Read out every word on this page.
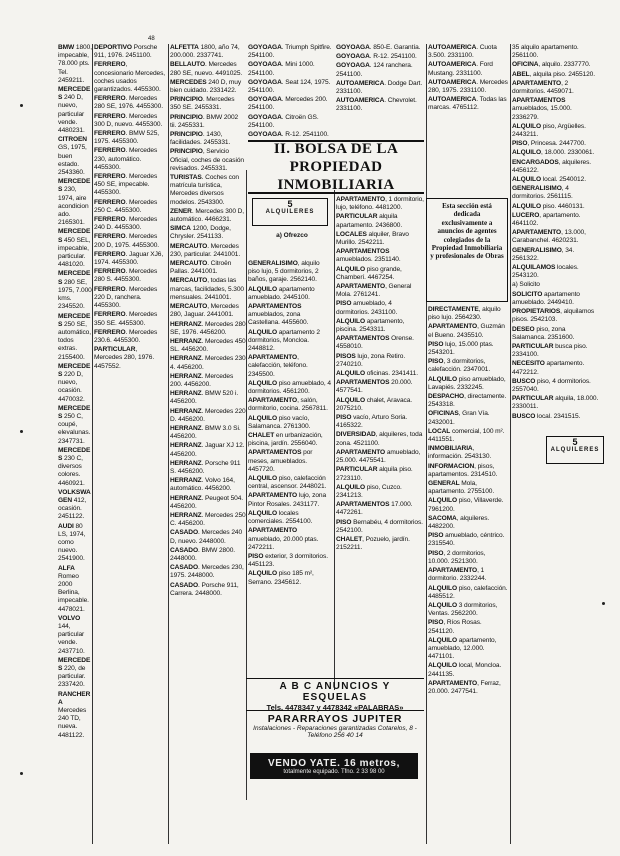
48

BMW 1800, impecable, 78.000 pts. Tel. 2459211.

MERCEDES 240 D, nuevo, particular vende. 4480231.

CITROEN GS, 1975, buen estado. 2543360.

MERCEDES 230, 1974, aire acondicionado. 2165301.

MERCEDES 450 SEL, impecable, particular. 4481020.

MERCEDES 280 SE, 1975, 7.000 kms. 2345520.

MERCEDES 250 SE, automático, todos extras. 2155400.

MERCEDES 220 D, nuevo, ocasión. 4470032.

MERCEDES 250 C, coupé, elevalunas. 2347731.

MERCEDES 230 C, diversos colores. 4460921.

VOLKSWAGEN 412, ocasión. 2451122.

AUDI 80 LS, 1974, como nuevo. 2541900.

ALFA Romeo 2000 Berlina, impecable. 4478021.

VOLVO 144, particular vende. 2437710.

MERCEDES 220, de particular. 2337420.

RANCHERA Mercedes 240 TD, nueva. 4481122.

DEPORTIVO Porsche 911, 1976. 2451100.

FERRERO, concesionario Mercedes, coches usados garantizados. 4455300.

FERRERO. Mercedes 280 SE, 1976. 4455300.

FERRERO. Mercedes 300 D, nuevo. 4455300.

FERRERO. BMW 525, 1975. 4455300.

FERRERO. Mercedes 230, automático. 4455300.

FERRERO. Mercedes 450 SE, impecable. 4455300.

FERRERO. Mercedes 250 C. 4455300.

FERRERO. Mercedes 240 D. 4455300.

FERRERO. Mercedes 200 D, 1975. 4455300.

FERRERO. Jaguar XJ6, 1974. 4455300.

FERRERO. Mercedes 280 S. 4455300.

FERRERO. Mercedes 220 D, ranchera. 4455300.

FERRERO. Mercedes 350 SE. 4455300.

FERRERO. Mercedes 230.6. 4455300.

PARTICULAR, Mercedes 280, 1976. 4457552.

ALFETTA 1800, año 74, 200.000. 2337741.

BELLAUTO. Mercedes 280 SE, nuevo. 4491025.

MERCEDES 240 D, muy bien cuidado. 2331422.

PRINCIPIO. Mercedes 350 SE. 2455331.

PRINCIPIO. BMW 2002 tii. 2455331.

PRINCIPIO. 1430, facilidades. 2455331.

PRINCIPIO, Servicio Oficial, coches de ocasión revisados. 2455331.

TURISTAS. Coches con matrícula turística, Mercedes diversos modelos. 2543300.

ZENER. Mercedes 300 D, automático. 4466231.

SIMCA 1200, Dodge, Chrysler. 2541133.

MERCAUTO. Mercedes 230, particular. 2441001.

MERCAUTO. Citroën Pallas. 2441001.

MERCAUTO, todas las marcas, facilidades, 5.300 mensuales. 2441001.

MERCAUTO, Mercedes 280, Jaguar. 2441001.

HERRANZ. Mercedes 280 SE, 1976. 4456200.

HERRANZ. Mercedes 450 SL. 4456200.

HERRANZ. Mercedes 230 4. 4456200.

HERRANZ. Mercedes 200. 4456200.

HERRANZ. BMW 520 i. 4456200.

HERRANZ. Mercedes 220 D. 4456200.

HERRANZ. BMW 3.0 Si. 4456200.

HERRANZ. Jaguar XJ 12. 4456200.

HERRANZ. Porsche 911 S. 4456200.

HERRANZ. Volvo 164, automático. 4456200.

HERRANZ. Peugeot 504. 4456200.

HERRANZ. Mercedes 250 C. 4456200.

CASADO. Mercedes 240 D, nuevo. 2448000.

CASADO. BMW 2800. 2448000.

CASADO. Mercedes 230, 1975. 2448000.

CASADO. Porsche 911, Carrera. 2448000.

GOYOAGA. Triumph Spitfire. 2541100.

GOYOAGA. Mini 1000. 2541100.

GOYOAGA. Seat 124, 1975. 2541100.

GOYOAGA. Mercedes 200. 2541100.

GOYOAGA. Citroën GS. 2541100.

GOYOAGA. R-12. 2541100.

GOYOAGA. 850-E. Garantía.

GOYOAGA. R-12. 2541100.

GOYOAGA. 124 ranchera. 2541100.

AUTOAMERICA. Dodge Dart. 2331100.

AUTOAMERICA. Chevrolet. 2331100.

AUTOAMERICA. Cuota 3.500. 2331100.

AUTOAMERICA. Ford Mustang. 2331100.

AUTOAMERICA. Mercedes 280, 1975. 2331100.

AUTOAMERICA. Todas las marcas. 4765112.

GENERALISIMO, alquilo piso lujo, 5 dormitorios, 2 baños, garaje. 2562140.

ALQUILO apartamento amueblado. 2445100.

APARTAMENTOS amueblados, zona Castellana. 4455600.

ALQUILO apartamento 2 dormitorios, Moncloa. 2448812.

APARTAMENTO, calefacción, teléfono. 2345500.

ALQUILO piso amueblado, 4 dormitorios. 4561200.

APARTAMENTO, salón, dormitorio, cocina. 2567811.

ALQUILO piso vacío, Salamanca. 2761300.

CHALET en urbanización, piscina, jardín. 2556040.

APARTAMENTOS por meses, amueblados. 4457720.

ALQUILO piso, calefacción central, ascensor. 2448021.

APARTAMENTO lujo, zona Pintor Rosales. 2431177.

ALQUILO locales comerciales. 2554100.

APARTAMENTO amueblado, 20.000 ptas. 2472211.

PISO exterior, 3 dormitorios. 4451123.

ALQUILO piso 185 m², Serrano. 2345612.

APARTAMENTO, 1 dormitorio, lujo, teléfono. 4481200.

PARTICULAR alquila apartamento. 2436800.

LOCALES alquiler, Bravo Murillo. 2542211.

APARTAMENTOS amueblados. 2351140.

ALQUILO piso grande, Chamberí. 4467254.

APARTAMENTO, General Mola. 2761241.

PISO amueblado, 4 dormitorios. 2431100.

ALQUILO apartamento, piscina. 2543311.

APARTAMENTOS Orense. 4558010.

PISOS lujo, zona Retiro. 2740210.

ALQUILO oficinas. 2341411.

APARTAMENTOS 20.000. 4577541.

ALQUILO chalet, Aravaca. 2075210.

PISO vacío, Arturo Soria. 4165322.

DIVERSIDAD, alquileres, toda zona. 4521100.

APARTAMENTO amueblado, 25.000. 4475541.

PARTICULAR alquila piso. 2723110.

ALQUILO piso, Cuzco. 2341213.

APARTAMENTOS 17.000. 4472261.

PISO Bernabéu, 4 dormitorios. 2542100.

CHALET, Pozuelo, jardín. 2152211.

DIRECTAMENTE, alquilo piso lujo. 2564230.

APARTAMENTO, Guzmán el Bueno. 2435510.

PISO lujo, 15.000 ptas. 2543201.

PISO, 3 dormitorios, calefacción. 2347001.

ALQUILO piso amueblado, Lavapiés. 2332245.

DESPACHO, directamente. 2543318.

OFICINAS, Gran Vía. 2432001.

LOCAL comercial, 100 m². 4411551.

INMOBILIARIA, información. 2543130.

INFORMACION, pisos, apartamentos. 2314510.

GENERAL Mola, apartamento. 2755100.

ALQUILO piso, Villaverde. 7961200.

SACOMA, alquileres. 4482200.

PISO amueblado, céntrico. 2315540.

PISO, 2 dormitorios, 10.000. 2521300.

APARTAMENTO, 1 dormitorio. 2332244.

ALQUILO piso, calefacción. 4485512.

ALQUILO 3 dormitorios, Ventas. 2562200.

PISO, Ríos Rosas. 2541120.

ALQUILO apartamento, amueblado, 12.000. 4471101.

ALQUILO local, Moncloa. 2441135.

APARTAMENTO, Ferraz, 20.000. 2477541.

35 alquilo apartamento. 2561100.

OFICINA, alquilo. 2337770.

ABEL, alquila piso. 2455120.

APARTAMENTO, 2 dormitorios. 4459071.

APARTAMENTOS amueblados, 15.000. 2336279.

ALQUILO piso, Argüelles. 2443211.

PISO, Princesa. 2447700.

ALQUILO, 18.000. 2330061.

ENCARGADOS, alquileres. 4456122.

ALQUILO local. 2540012.

GENERALISIMO, 4 dormitorios. 2561115.

ALQUILO piso. 4460131.

LUCERO, apartamento. 4641102.

APARTAMENTO, 13.000, Carabanchel. 4620231.

GENERALISIMO, 34. 2561322.

ALQUILAMOS locales. 2543120.

a) Solicito

SOLICITO apartamento amueblado. 2449410.

PROPIETARIOS, alquilamos pisos. 2542103.

DESEO piso, zona Salamanca. 2351600.

PARTICULAR busca piso. 2334100.

NECESITO apartamento. 4472212.

BUSCO piso, 4 dormitorios. 2557040.

PARTICULAR alquila, 18.000. 2330011.

BUSCO local. 2341515.

II. BOLSA DE LA PROPIEDAD INMOBILIARIA
5
ALQUILERES
a) Ofrezco
Esta sección está dedicada exclusivamente a anuncios de agentes colegiados de la Propiedad Inmobiliaria y profesionales de Obras
5
ALQUILERES
A B C ANUNCIOS Y ESQUELAS
Tels. 4478347 y 4478342 «PALABRAS»
PARARRAYOS JUPITER
Instalaciones - Reparaciones garantizadas Cotarelos, 8 - Teléfono 256 40 14
VENDO YATE. 16 metros,
totalmente equipado. Tfno. 2 33 98 00
